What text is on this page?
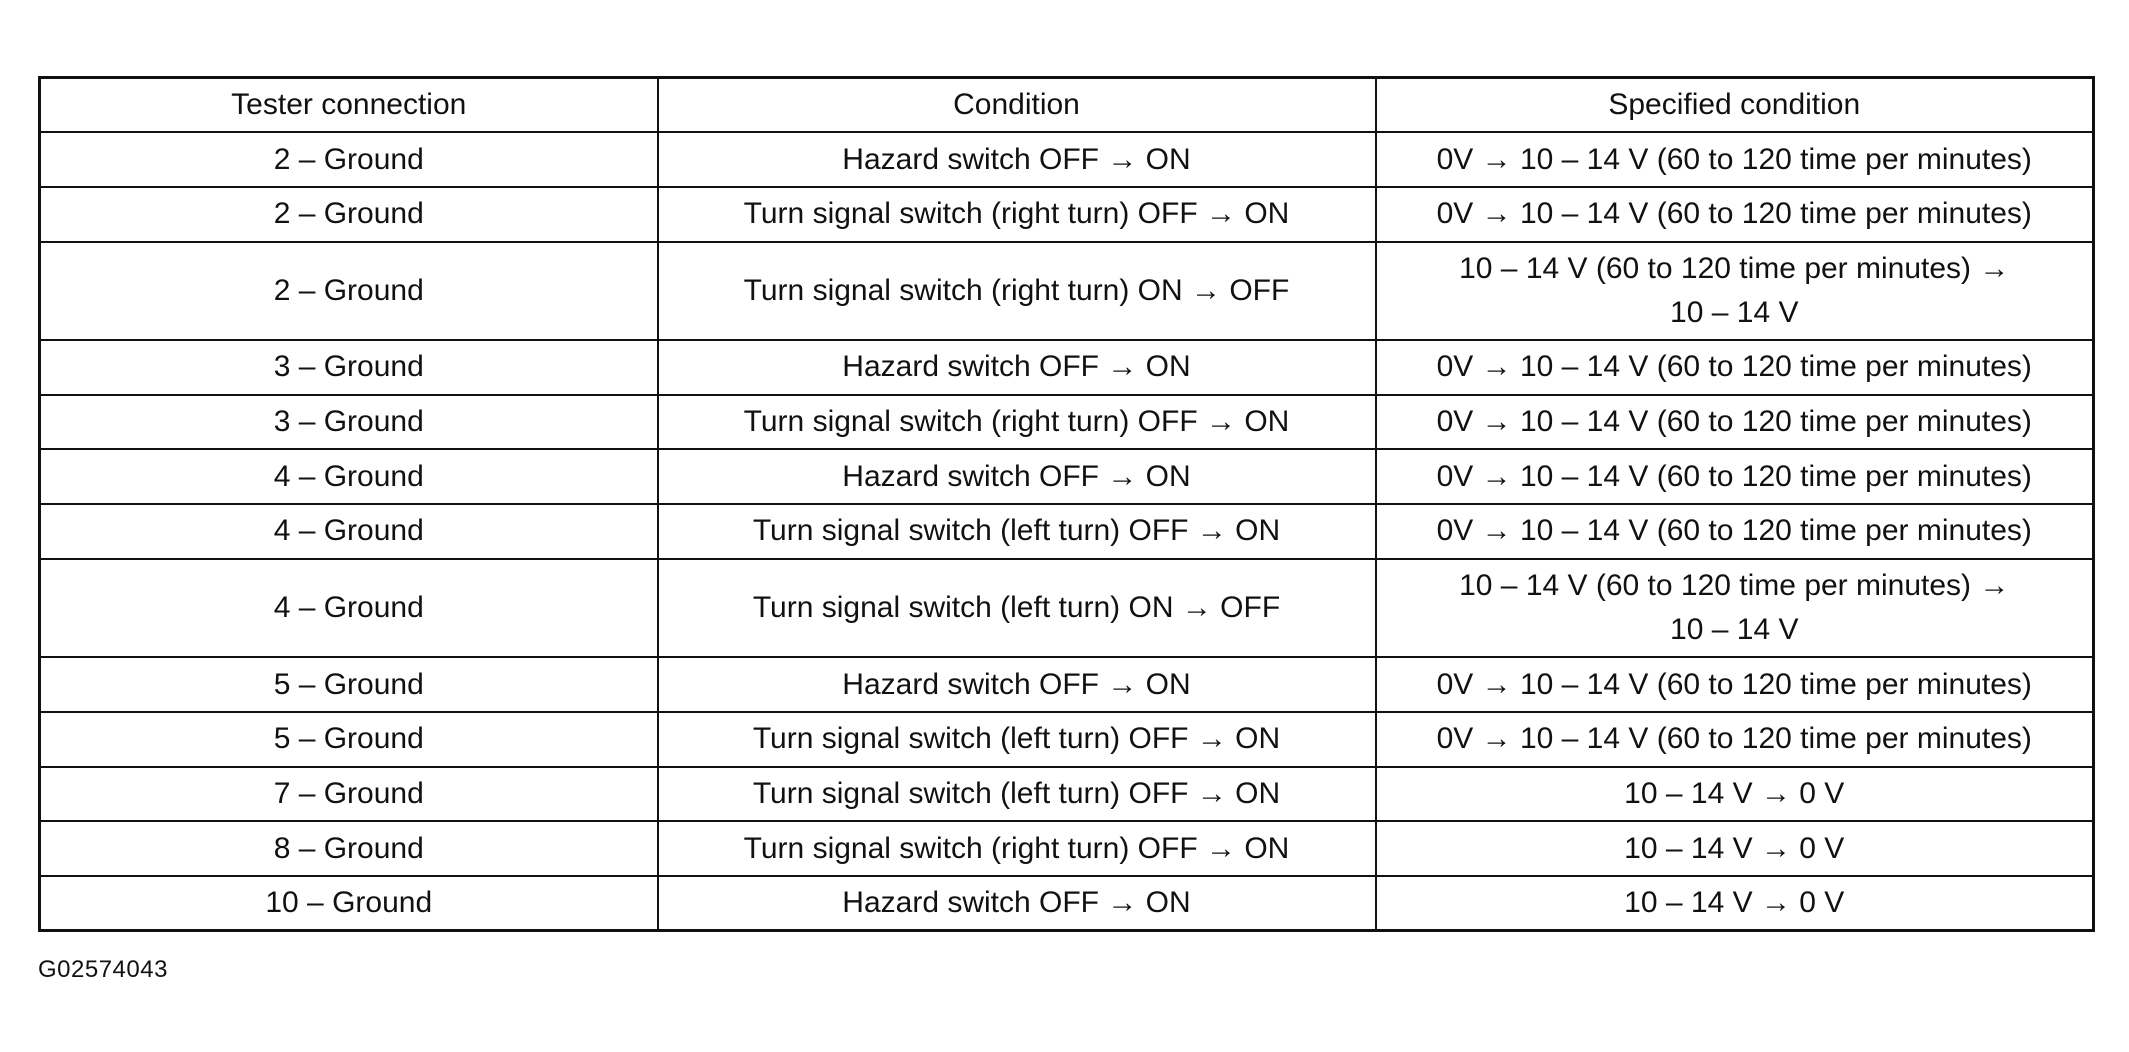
Tester connection	Condition	Specified condition
2 – Ground	Hazard switch OFF → ON	0V → 10 – 14 V (60 to 120 time per minutes)
2 – Ground	Turn signal switch (right turn) OFF → ON	0V → 10 – 14 V (60 to 120 time per minutes)
2 – Ground	Turn signal switch (right turn) ON → OFF	10 – 14 V (60 to 120 time per minutes) →
10 – 14 V
3 – Ground	Hazard switch OFF → ON	0V → 10 – 14 V (60 to 120 time per minutes)
3 – Ground	Turn signal switch (right turn) OFF → ON	0V → 10 – 14 V (60 to 120 time per minutes)
4 – Ground	Hazard switch OFF → ON	0V → 10 – 14 V (60 to 120 time per minutes)
4 – Ground	Turn signal switch (left turn) OFF → ON	0V → 10 – 14 V (60 to 120 time per minutes)
4 – Ground	Turn signal switch (left turn) ON → OFF	10 – 14 V (60 to 120 time per minutes) →
10 – 14 V
5 – Ground	Hazard switch OFF → ON	0V → 10 – 14 V (60 to 120 time per minutes)
5 – Ground	Turn signal switch (left turn) OFF → ON	0V → 10 – 14 V (60 to 120 time per minutes)
7 – Ground	Turn signal switch (left turn) OFF → ON	10 – 14 V → 0 V
8 – Ground	Turn signal switch (right turn) OFF → ON	10 – 14 V → 0 V
10 – Ground	Hazard switch OFF → ON	10 – 14 V → 0 V
G02574043
